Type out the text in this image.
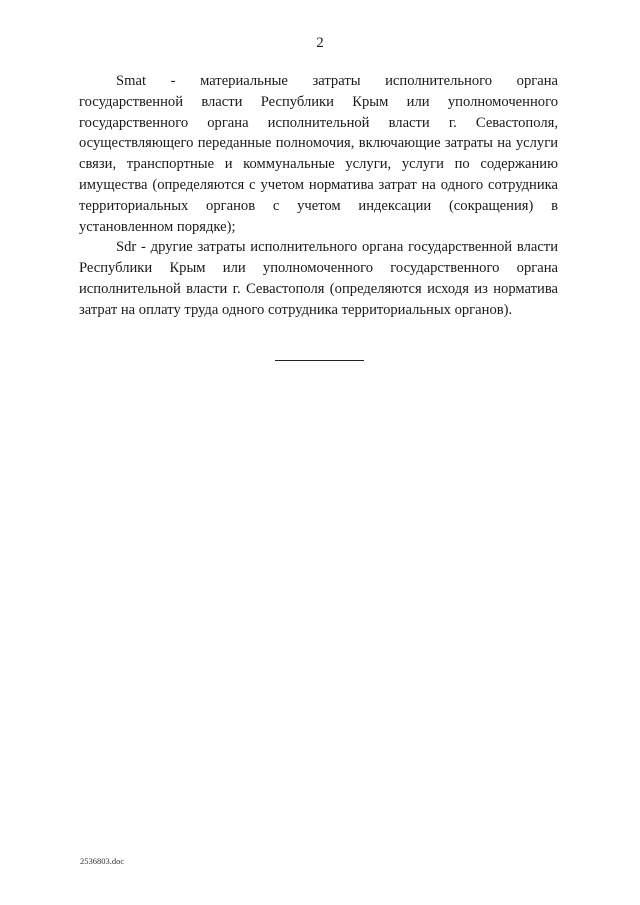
2

Smat - материальные затраты исполнительного органа государственной власти Республики Крым или уполномоченного государственного органа исполнительной власти г. Севастополя, осуществляющего переданные полномочия, включающие затраты на услуги связи, транспортные и коммунальные услуги, услуги по содержанию имущества (определяются с учетом норматива затрат на одного сотрудника территориальных органов с учетом индексации (сокращения) в установленном порядке);

Sdr - другие затраты исполнительного органа государственной власти Республики Крым или уполномоченного государственного органа исполнительной власти г. Севастополя (определяются исходя из норматива затрат на оплату труда одного сотрудника территориальных органов).

2536803.doc
